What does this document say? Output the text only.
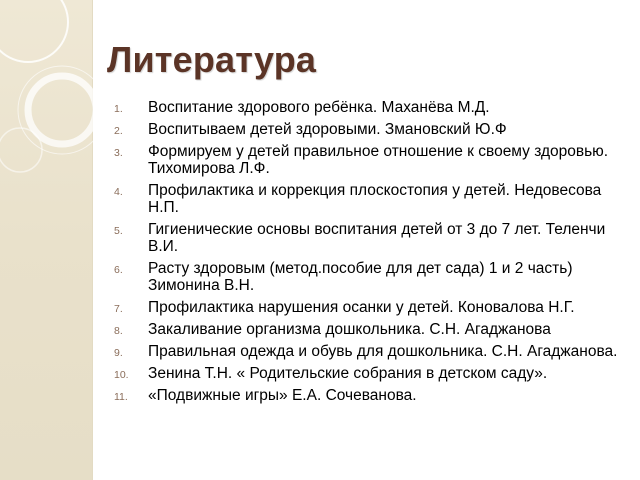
Литература
1.	Воспитание здорового ребёнка. Маханёва М.Д.
2.	Воспитываем детей здоровыми. Змановский Ю.Ф
3.	Формируем у детей правильное отношение к своему здоровью. Тихомирова Л.Ф.
4.	Профилактика и коррекция плоскостопия у детей. Недовесова Н.П.
5.	Гигиенические основы воспитания детей от 3 до 7 лет. Теленчи В.И.
6.	Расту здоровым (метод.пособие для дет сада) 1 и 2 часть) Зимонина В.Н.
7.	Профилактика нарушения осанки у детей. Коновалова Н.Г.
8.	Закаливание организма дошкольника. С.Н. Агаджанова
9.	Правильная одежда и обувь для дошкольника. С.Н. Агаджанова.
10.	Зенина Т.Н. « Родительские собрания в детском саду».
11.	«Подвижные игры» Е.А. Сочеванова.
